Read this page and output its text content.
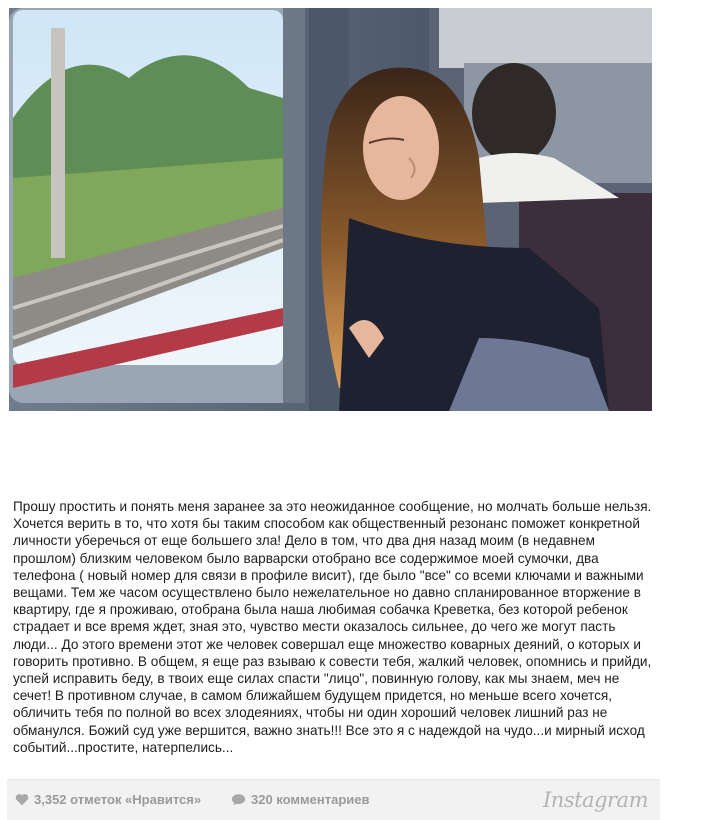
Прошу простить и понять меня заранее за это неожиданное сообщение, но молчать больше нельзя. Хочется верить в то, что хотя бы таким способом как общественный резонанс поможет конкретной личности уберечься от еще большего зла! Дело в том, что два дня назад моим (в недавнем прошлом) близким человеком было варварски отобрано все содержимое моей сумочки, два телефона ( новый номер для связи в профиле висит), где было "все" со всеми ключами и важными вещами. Тем же часом осуществлено было нежелательное но давно спланированное вторжение в квартиру, где я проживаю, отобрана была наша любимая собачка Креветка, без которой ребенок страдает и все время ждет, зная это, чувство мести оказалось сильнее, до чего же могут пасть люди... До этого времени этот же человек совершал еще множество коварных деяний, о которых и говорить противно. В общем, я еще раз взываю к совести тебя, жалкий человек, опомнись и прийди, успей исправить беду, в твоих еще силах спасти "лицо", повинную голову, как мы знаем, меч не сечет! В противном случае, в самом ближайшем будущем придется, но меньше всего хочется, обличить тебя по полной во всех злодеяниях, чтобы ни один хороший человек лишний раз не обманулся. Божий суд уже вершится, важно знать!!! Все это я с надеждой на чудо...и мирный исход событий...простите, натерпелись...

3,352 отметок «Нравится»	320 комментариев	Instagram
